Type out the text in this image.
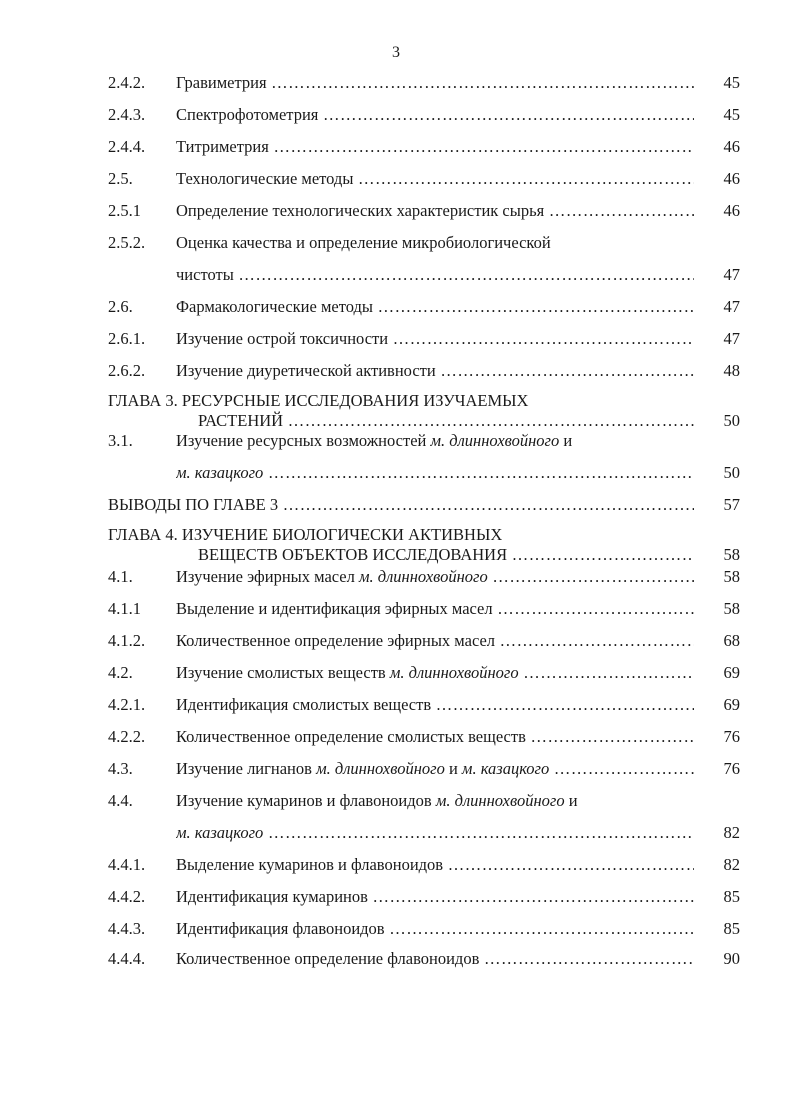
3
2.4.2. Гравиметрия ………………………………………………………………………………………………………………………………………………………………	45
2.4.3. Спектрофотометрия ………………………………………………………………………………………………………………………………………………………………	45
2.4.4. Титриметрия ………………………………………………………………………………………………………………………………………………………………	46
2.5.	Технологические методы ………………………………………………………………………………………………………………………………………………………………	46
2.5.1 Определение технологических характеристик сырья ………………………………………………………………………………………………………………………………………………………………	46
2.5.2. Оценка качества и определение микробиологической
чистоты ………………………………………………………………………………………………………………………………………………………………	47
2.6.	Фармакологические методы ………………………………………………………………………………………………………………………………………………………………	47
2.6.1. Изучение острой токсичности ………………………………………………………………………………………………………………………………………………………………	47
2.6.2. Изучение диуретической активности ………………………………………………………………………………………………………………………………………………………………	48
ГЛАВА 3. РЕСУРСНЫЕ ИССЛЕДОВАНИЯ ИЗУЧАЕМЫХ
РАСТЕНИЙ ………………………………………………………………………………………………………………………………………………………………	50
3.1.	Изучение ресурсных возможностей м. длиннохвойного и
м. казацкого ………………………………………………………………………………………………………………………………………………………………	50
ВЫВОДЫ ПО ГЛАВЕ 3 ………………………………………………………………………………………………………………………………………………………………	57
ГЛАВА 4. ИЗУЧЕНИЕ БИОЛОГИЧЕСКИ АКТИВНЫХ
ВЕЩЕСТВ ОБЪЕКТОВ ИССЛЕДОВАНИЯ ………………………………………………………………………………………………………………………………………………………………	58
4.1.	Изучение эфирных масел м. длиннохвойного ………………………………………………………………………………………………………………………………………………………………	58
4.1.1 Выделение и идентификация эфирных масел ………………………………………………………………………………………………………………………………………………………………	58
4.1.2. Количественное определение эфирных масел ………………………………………………………………………………………………………………………………………………………………	68
4.2.	Изучение смолистых веществ м. длиннохвойного ………………………………………………………………………………………………………………………………………………………………	69
4.2.1. Идентификация смолистых веществ ………………………………………………………………………………………………………………………………………………………………	69
4.2.2. Количественное определение смолистых веществ ………………………………………………………………………………………………………………………………………………………………	76
4.3.	Изучение лигнанов м. длиннохвойного и м. казацкого ………………………………………………………………………………………………………………………………………………………………	76
4.4.	Изучение кумаринов и флавоноидов м. длиннохвойного и
м. казацкого ………………………………………………………………………………………………………………………………………………………………	82
4.4.1. Выделение кумаринов и флавоноидов ………………………………………………………………………………………………………………………………………………………………	82
4.4.2. Идентификация кумаринов ………………………………………………………………………………………………………………………………………………………………	85
4.4.3. Идентификация флавоноидов ………………………………………………………………………………………………………………………………………………………………	85
4.4.4. Количественное определение флавоноидов ………………………………………………………………………………………………………………………………………………………………	90
